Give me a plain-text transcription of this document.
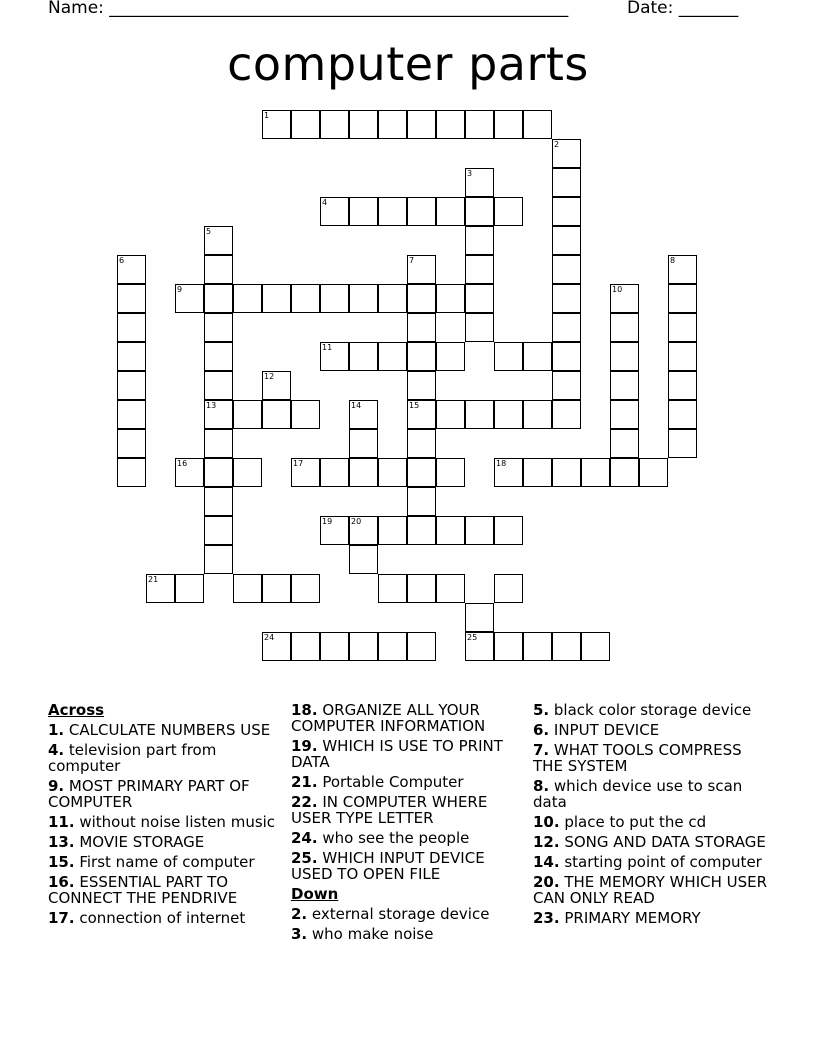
Name: ______________________________________________________	Date: _______
computer parts
1
2
3
4
5
13
6	7
15
8
9	10
11
12
14
16	17	18
19 20
21
24	25
Across
1. CALCULATE NUMBERS USE
4. television part from computer
9. MOST PRIMARY PART OF COMPUTER
11. without noise listen music
13. MOVIE STORAGE
15. First name of computer
16. ESSENTIAL PART TO CONNECT THE PENDRIVE
17. connection of internet
18. ORGANIZE ALL YOUR COMPUTER INFORMATION
19. WHICH IS USE TO PRINT DATA
21. Portable Computer
22. IN COMPUTER WHERE USER TYPE LETTER
24. who see the people
25. WHICH INPUT DEVICE USED TO OPEN FILE
Down
2. external storage device
3. who make noise
5. black color storage device
6. INPUT DEVICE
7. WHAT TOOLS COMPRESS THE SYSTEM
8. which device use to scan data
10. place to put the cd
12. SONG AND DATA STORAGE
14. starting point of computer
20. THE MEMORY WHICH USER CAN ONLY READ
23. PRIMARY MEMORY
